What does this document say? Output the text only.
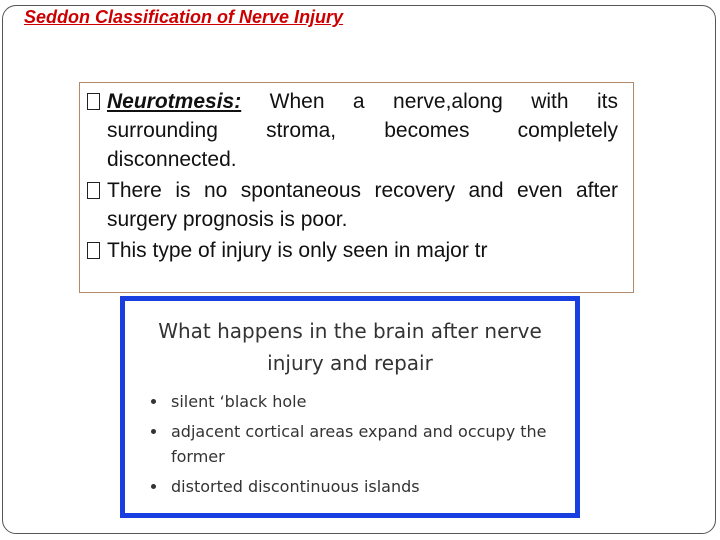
Seddon Classification of Nerve Injury
Neurotmesis: When a nerve,along with its surrounding stroma, becomes completely disconnected.
There is no spontaneous recovery and even after surgery prognosis is poor.
This type of injury is only seen in major tr
What happens in the brain after nerve injury and repair
silent ‘black hole
adjacent cortical areas expand and occupy the former
distorted discontinuous islands
